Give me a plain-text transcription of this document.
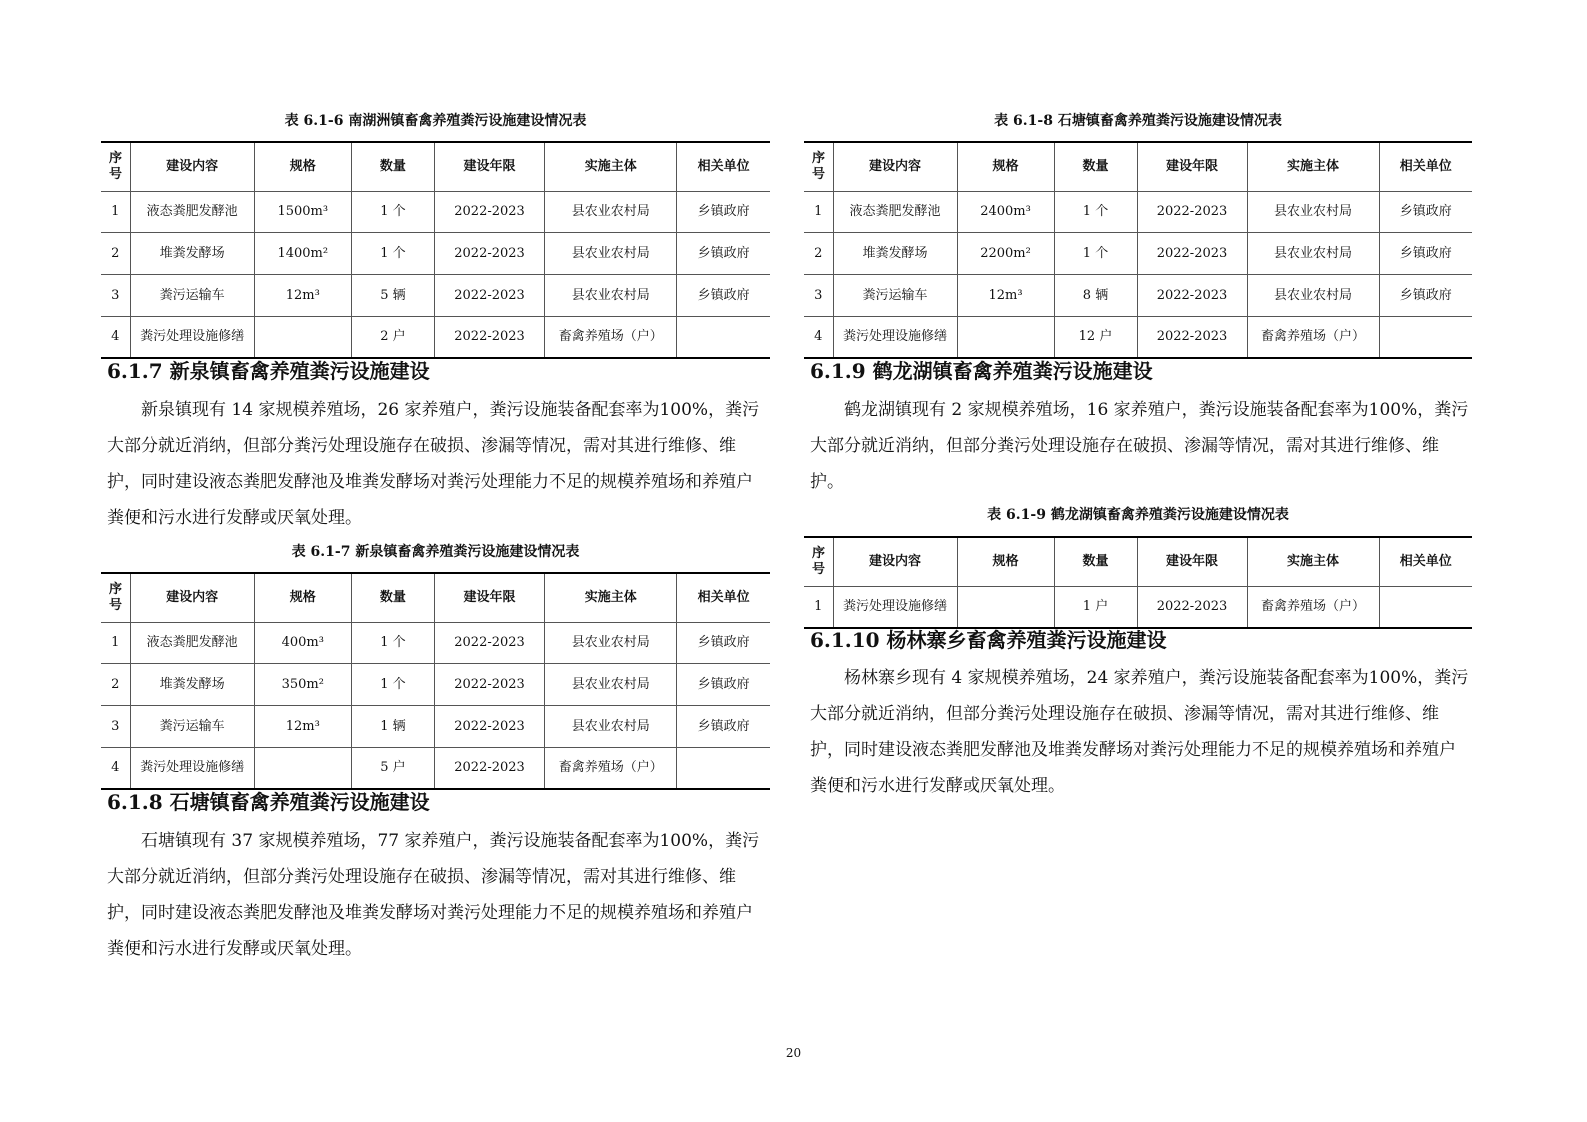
表 6.1-6 南湖洲镇畜禽养殖粪污设施建设情况表
序号	建设内容	规格	数量	建设年限	实施主体	相关单位
1	液态粪肥发酵池	1500m³	1 个	2022-2023	县农业农村局	乡镇政府
2	堆粪发酵场	1400m²	1 个	2022-2023	县农业农村局	乡镇政府
3	粪污运输车	12m³	5 辆	2022-2023	县农业农村局	乡镇政府
4	粪污处理设施修缮		2 户	2022-2023	畜禽养殖场（户）	
6.1.7 新泉镇畜禽养殖粪污设施建设

新泉镇现有 14 家规模养殖场，26 家养殖户，粪污设施装备配套率为100%，粪污大部分就近消纳，但部分粪污处理设施存在破损、渗漏等情况，需对其进行维修、维护，同时建设液态粪肥发酵池及堆粪发酵场对粪污处理能力不足的规模养殖场和养殖户粪便和污水进行发酵或厌氧处理。

表 6.1-7 新泉镇畜禽养殖粪污设施建设情况表
序号	建设内容	规格	数量	建设年限	实施主体	相关单位
1	液态粪肥发酵池	400m³	1 个	2022-2023	县农业农村局	乡镇政府
2	堆粪发酵场	350m²	1 个	2022-2023	县农业农村局	乡镇政府
3	粪污运输车	12m³	1 辆	2022-2023	县农业农村局	乡镇政府
4	粪污处理设施修缮		5 户	2022-2023	畜禽养殖场（户）	
6.1.8 石塘镇畜禽养殖粪污设施建设

石塘镇现有 37 家规模养殖场，77 家养殖户，粪污设施装备配套率为100%，粪污大部分就近消纳，但部分粪污处理设施存在破损、渗漏等情况，需对其进行维修、维护，同时建设液态粪肥发酵池及堆粪发酵场对粪污处理能力不足的规模养殖场和养殖户粪便和污水进行发酵或厌氧处理。

表 6.1-8 石塘镇畜禽养殖粪污设施建设情况表
序号	建设内容	规格	数量	建设年限	实施主体	相关单位
1	液态粪肥发酵池	2400m³	1 个	2022-2023	县农业农村局	乡镇政府
2	堆粪发酵场	2200m²	1 个	2022-2023	县农业农村局	乡镇政府
3	粪污运输车	12m³	8 辆	2022-2023	县农业农村局	乡镇政府
4	粪污处理设施修缮		12 户	2022-2023	畜禽养殖场（户）	
6.1.9 鹤龙湖镇畜禽养殖粪污设施建设

鹤龙湖镇现有 2 家规模养殖场，16 家养殖户，粪污设施装备配套率为100%，粪污大部分就近消纳，但部分粪污处理设施存在破损、渗漏等情况，需对其进行维修、维护。

表 6.1-9 鹤龙湖镇畜禽养殖粪污设施建设情况表
序号	建设内容	规格	数量	建设年限	实施主体	相关单位
1	粪污处理设施修缮		1 户	2022-2023	畜禽养殖场（户）	
6.1.10 杨林寨乡畜禽养殖粪污设施建设

杨林寨乡现有 4 家规模养殖场，24 家养殖户，粪污设施装备配套率为100%，粪污大部分就近消纳，但部分粪污处理设施存在破损、渗漏等情况，需对其进行维修、维护，同时建设液态粪肥发酵池及堆粪发酵场对粪污处理能力不足的规模养殖场和养殖户粪便和污水进行发酵或厌氧处理。

20
